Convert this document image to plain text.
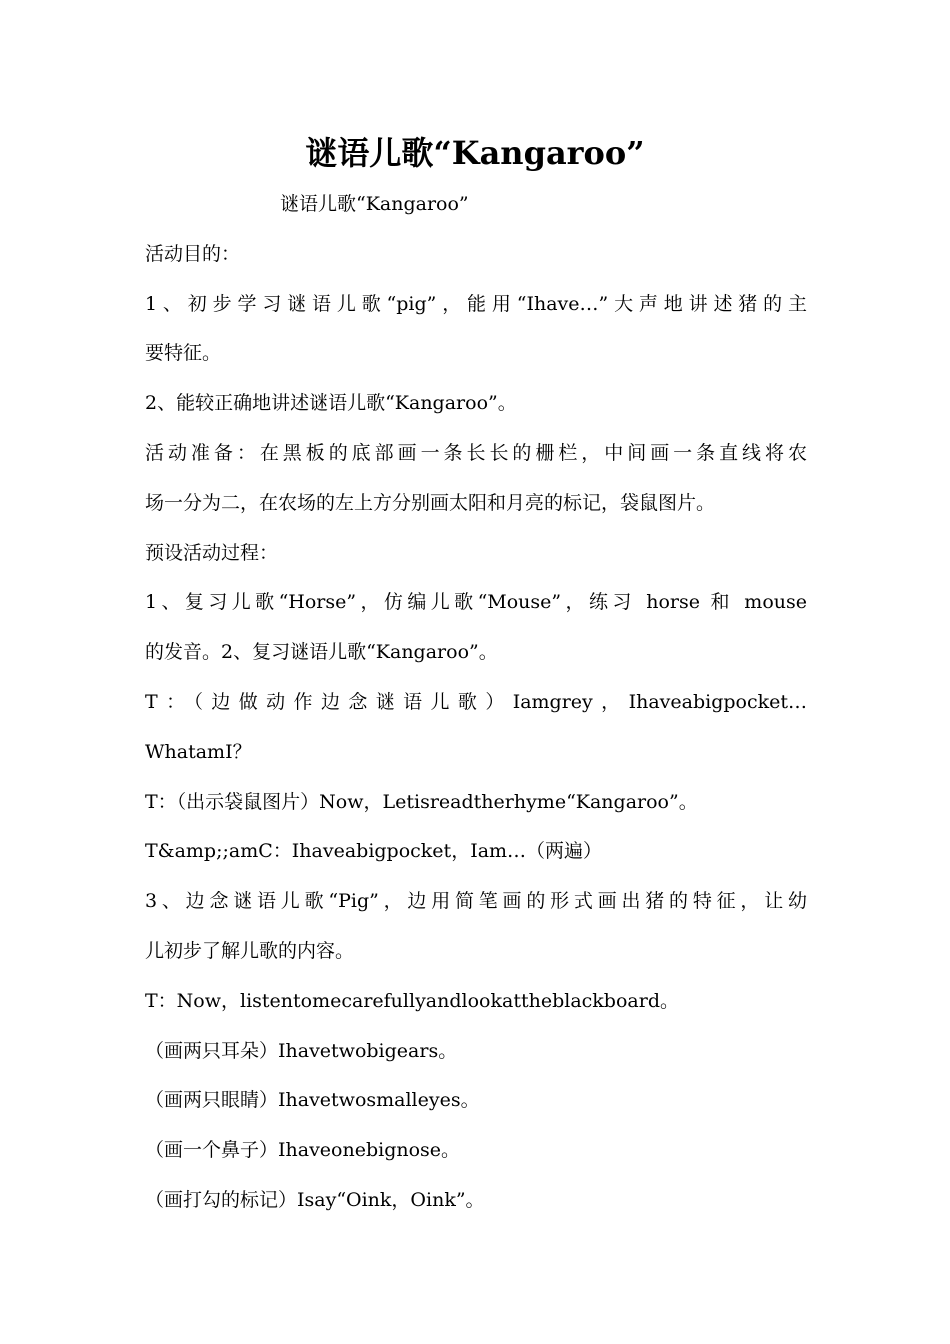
谜语儿歌“Kangaroo”
谜语儿歌“Kangaroo”
活动目的：
1、初步学习谜语儿歌“pig”，能用“Ihave…”大声地讲述猪的主
要特征。
2、能较正确地讲述谜语儿歌“Kangaroo”。
活动准备：在黑板的底部画一条长长的栅栏，中间画一条直线将农
场一分为二，在农场的左上方分别画太阳和月亮的标记，袋鼠图片。
预设活动过程：
1、复习儿歌“Horse”，仿编儿歌“Mouse”，练习 horse 和 mouse
的发音。2、复习谜语儿歌“Kangaroo”。
T：（边做动作边念谜语儿歌）Iamgrey，Ihaveabigpocket…
WhatamI？
T：（出示袋鼠图片）Now，Letisreadtherhyme“Kangaroo”。
T&amp;;amC：Ihaveabigpocket，Iam…（两遍）
3、边念谜语儿歌“Pig”，边用简笔画的形式画出猪的特征，让幼
儿初步了解儿歌的内容。
T：Now，listentomecarefullyandlookattheblackboard。
（画两只耳朵）Ihavetwobigears。
（画两只眼睛）Ihavetwosmalleyes。
（画一个鼻子）Ihaveonebignose。
（画打勾的标记）Isay“Oink，Oink”。
